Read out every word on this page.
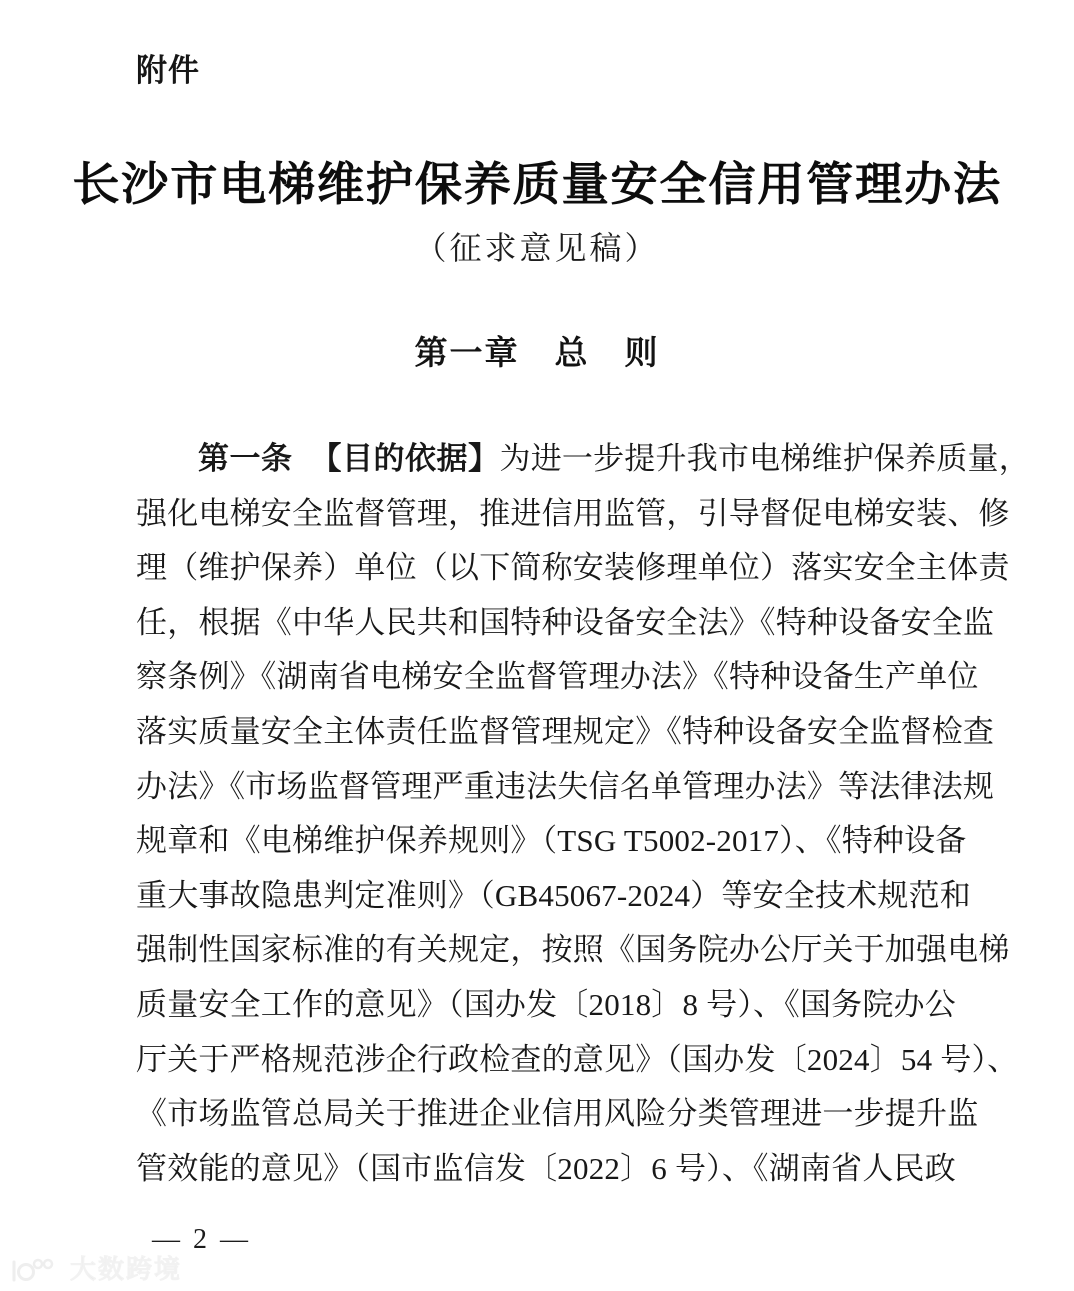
附件
长沙市电梯维护保养质量安全信用管理办法
（征求意见稿）
第一章　总　则
第一条 【目的依据】为进一步提升我市电梯维护保养质量，
强化电梯安全监督管理，推进信用监管，引导督促电梯安装、修
理（维护保养）单位（以下简称安装修理单位）落实安全主体责
任，根据《中华人民共和国特种设备安全法》《特种设备安全监
察条例》《湖南省电梯安全监督管理办法》《特种设备生产单位
落实质量安全主体责任监督管理规定》《特种设备安全监督检查
办法》《市场监督管理严重违法失信名单管理办法》等法律法规
规章和《电梯维护保养规则》（TSG T5002-2017）、《特种设备
重大事故隐患判定准则》（GB45067-2024）等安全技术规范和
强制性国家标准的有关规定，按照《国务院办公厅关于加强电梯
质量安全工作的意见》（国办发〔2018〕8 号）、《国务院办公
厅关于严格规范涉企行政检查的意见》（国办发〔2024〕54 号）、
《市场监管总局关于推进企业信用风险分类管理进一步提升监
管效能的意见》（国市监信发〔2022〕6 号）、《湖南省人民政
— 2 —
大数跨境
